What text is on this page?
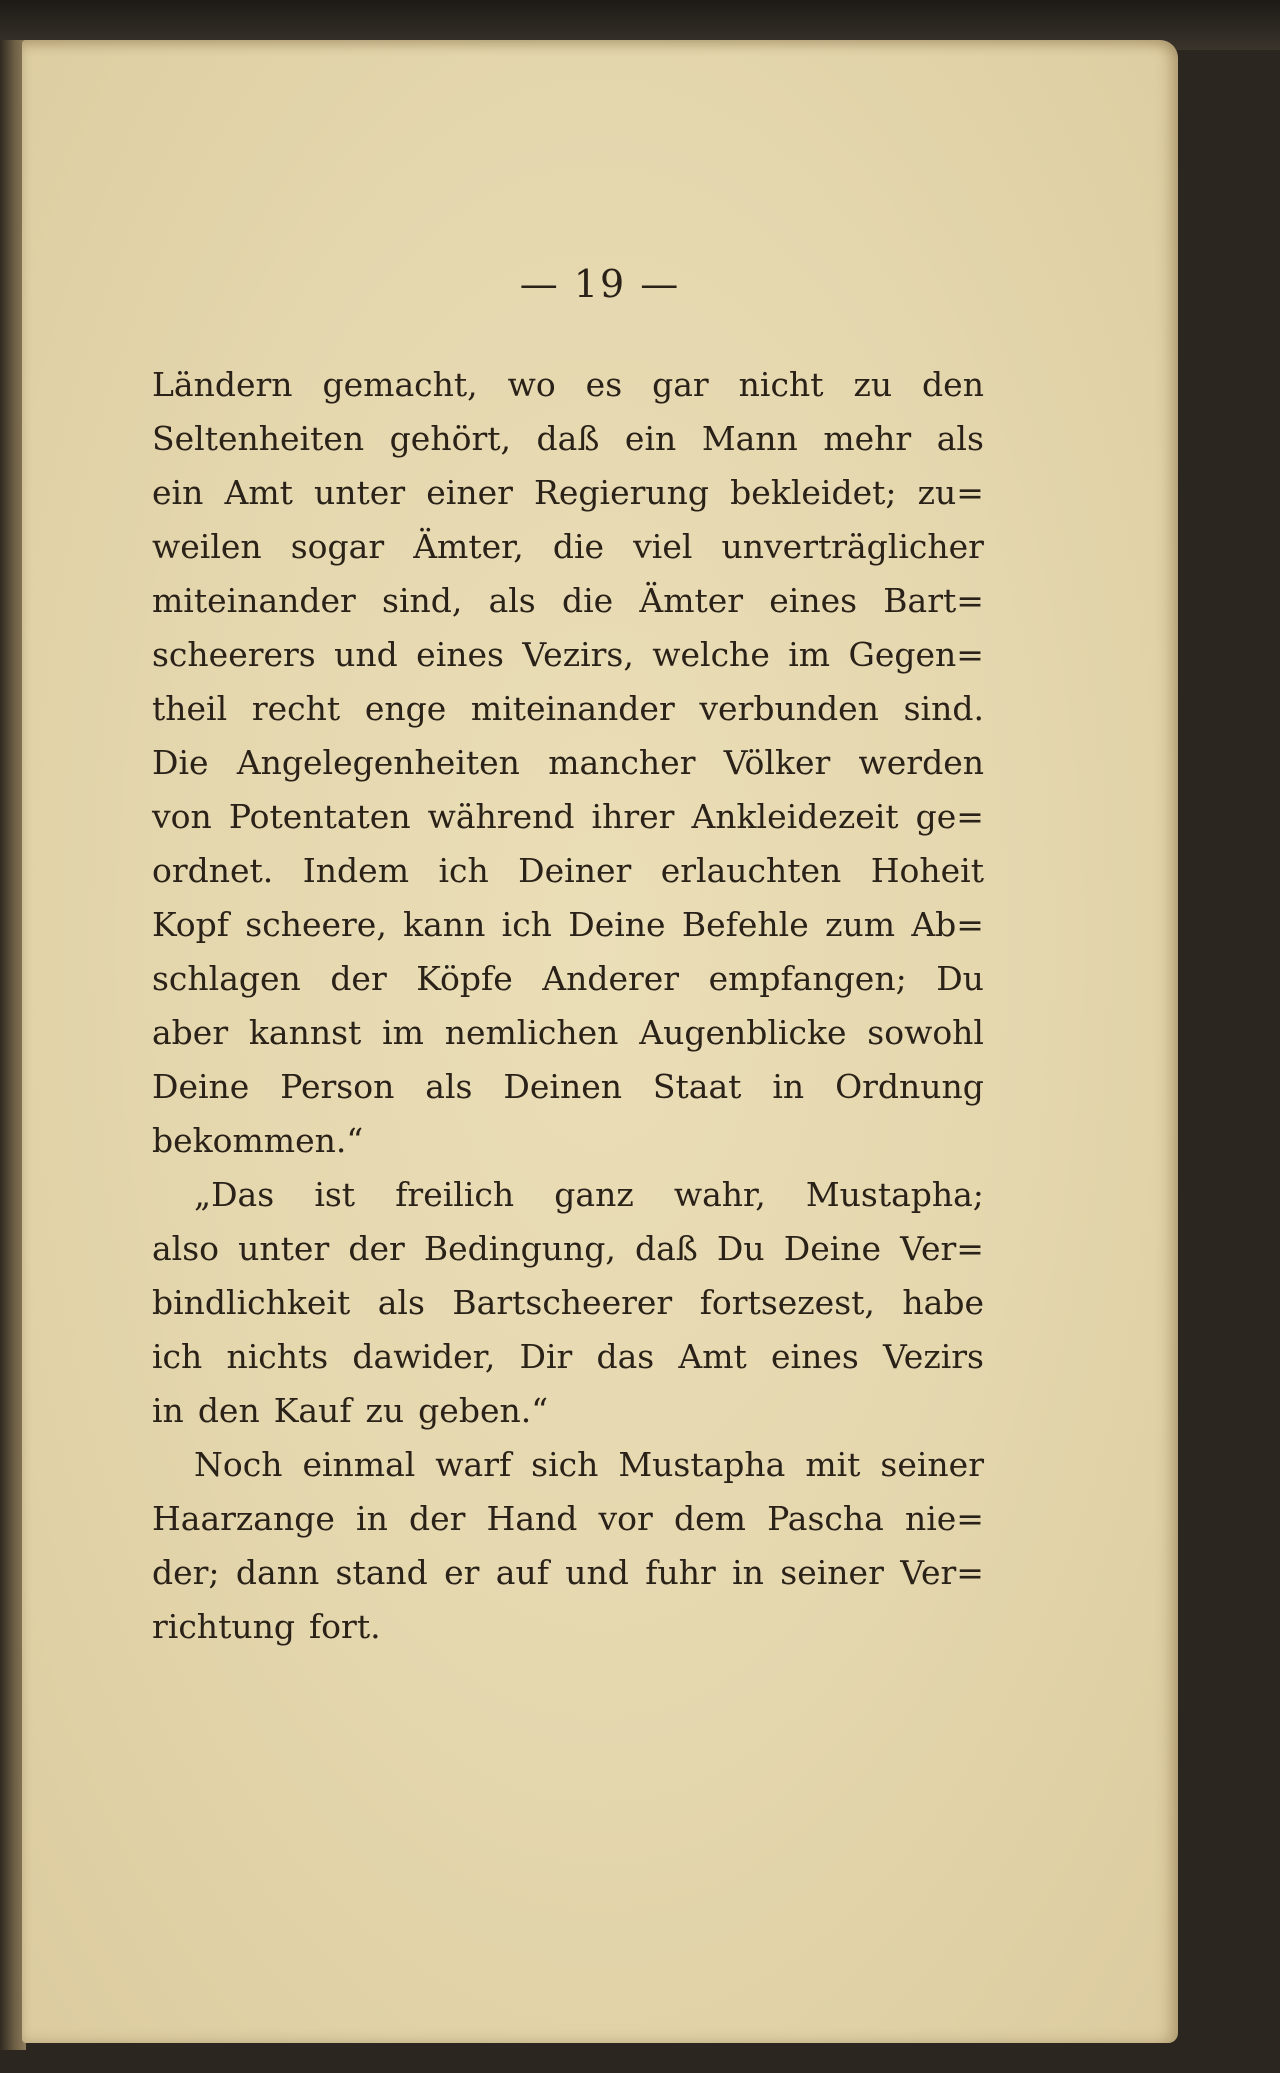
— 19 —
Ländern gemacht, wo es gar nicht zu den
Seltenheiten gehört, daß ein Mann mehr als
ein Amt unter einer Regierung bekleidet; zu=
weilen sogar Ämter, die viel unverträglicher
miteinander sind, als die Ämter eines Bart=
scheerers und eines Vezirs, welche im Gegen=
theil recht enge miteinander verbunden sind.
Die Angelegenheiten mancher Völker werden
von Potentaten während ihrer Ankleidezeit ge=
ordnet. Indem ich Deiner erlauchten Hoheit
Kopf scheere, kann ich Deine Befehle zum Ab=
schlagen der Köpfe Anderer empfangen; Du
aber kannst im nemlichen Augenblicke sowohl
Deine Person als Deinen Staat in Ordnung
bekommen.“
„Das ist freilich ganz wahr, Mustapha;
also unter der Bedingung, daß Du Deine Ver=
bindlichkeit als Bartscheerer fortsezest, habe
ich nichts dawider, Dir das Amt eines Vezirs
in den Kauf zu geben.“
Noch einmal warf sich Mustapha mit seiner
Haarzange in der Hand vor dem Pascha nie=
der; dann stand er auf und fuhr in seiner Ver=
richtung fort.
